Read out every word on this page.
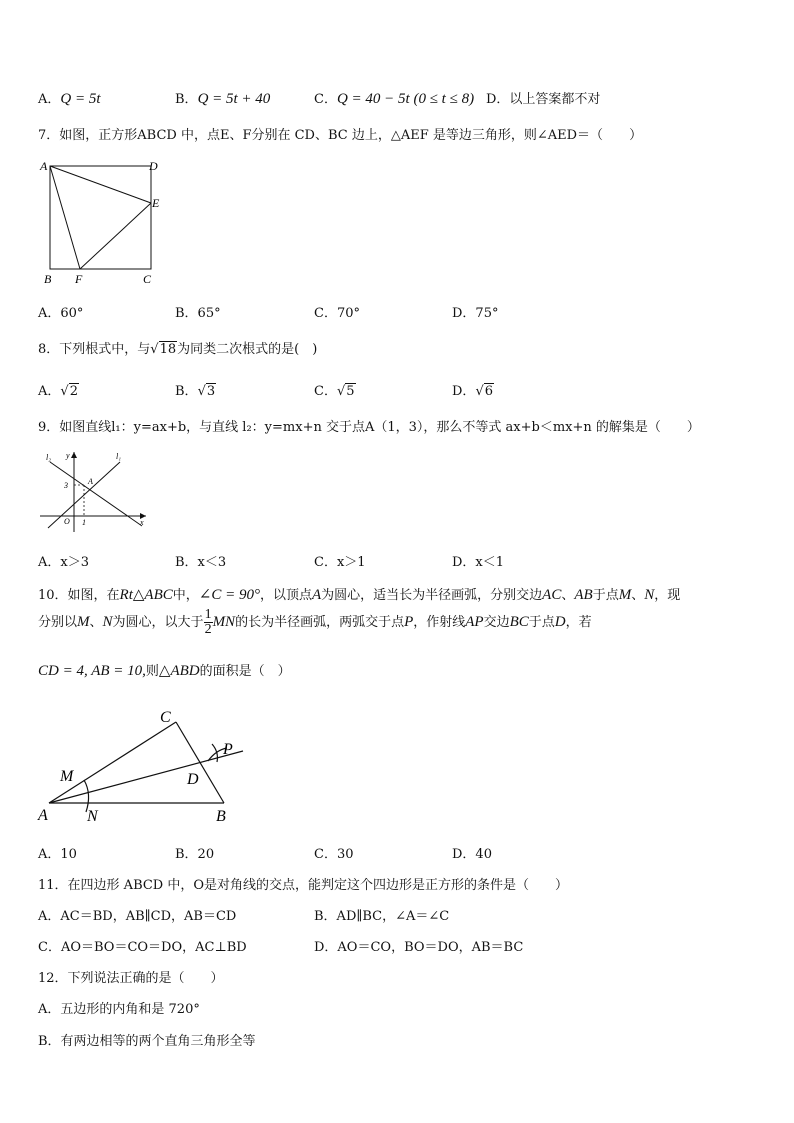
A．Q = 5t	B．Q = 5t + 40	C．Q = 40 − 5t (0 ≤ t ≤ 8) D．以上答案都不对
7．如图，正方形ABCD 中，点E、F分别在 CD、BC 边上，△AEF 是等边三角形，则∠AED＝（　　）
A	D
E
B F	C
A．60°	B．65°	C．70°	D．75°
8．下列根式中，与√18为同类二次根式的是(　)
A．√2	B．√3	C．√5	D．√6
9．如图直线l₁：y=ax+b，与直线 l₂：y=mx+n 交于点A（1，3），那么不等式 ax+b＜mx+n 的解集是（　　）
y
x
l₂	l₁
3
1
O
A
A．x＞3	B．x＜3	C．x＞1	D．x＜1
10．如图，在Rt△ABC中，∠C = 90°，以顶点A为圆心，适当长为半径画弧，分别交边AC、AB于点M、N，现
分别以M、N为圆心，以大于 $\frac{1}{2}$ MN的长为半径画弧，两弧交于点P，作射线AP交边BC于点D，若
CD = 4, AB = 10,则△ABD的面积是（　）
A	B
C
D
M
N
P
A．10	B．20	C．30	D．40
11．在四边形 ABCD 中，O是对角线的交点，能判定这个四边形是正方形的条件是（　　）
A．AC＝BD，AB∥CD，AB＝CD	B．AD∥BC，∠A＝∠C
C．AO＝BO＝CO＝DO，AC⊥BD	D．AO＝CO，BO＝DO，AB＝BC
12．下列说法正确的是（　　）
A．五边形的内角和是 720°
B．有两边相等的两个直角三角形全等
